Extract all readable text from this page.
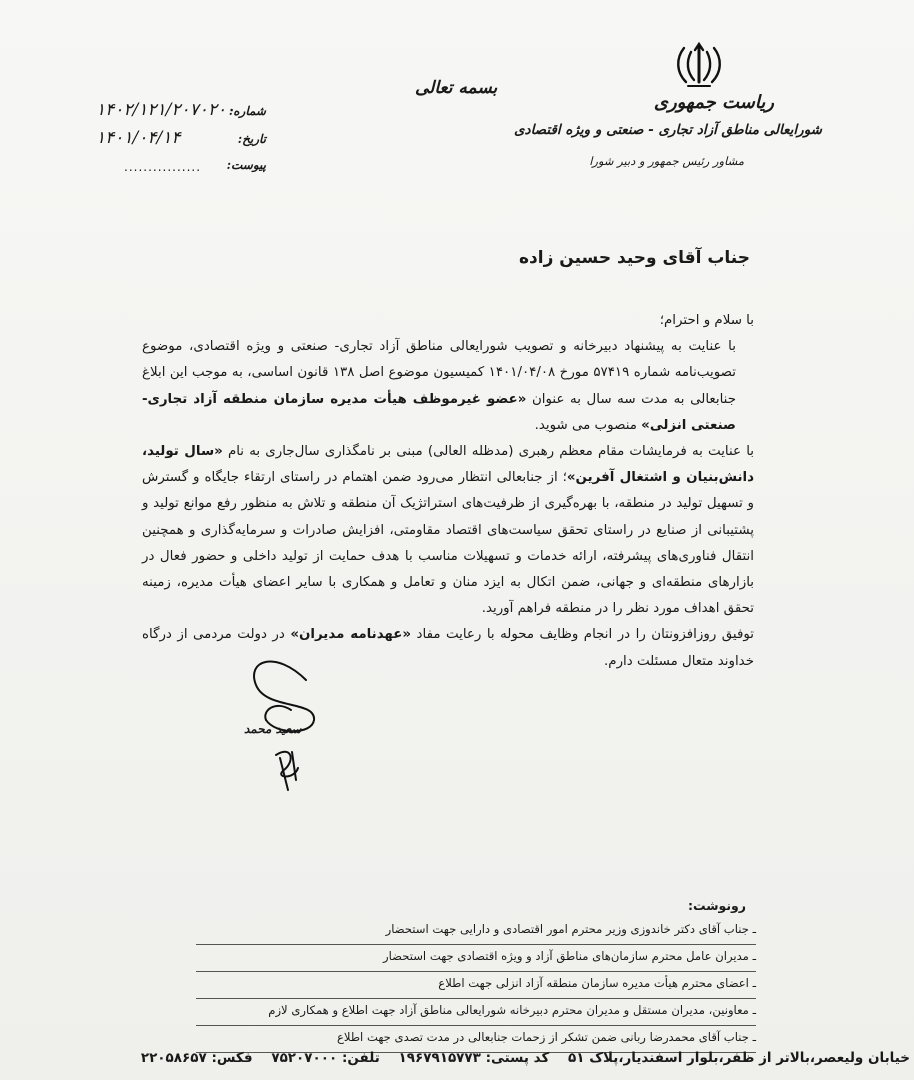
ریاست جمهوری
شورایعالی مناطق آزاد تجاری - صنعتی و ویژه اقتصادی
مشاور رئیس جمهور و دبیر شورا
بسمه تعالی
شماره:
۱۴۰۲/۱۲۱/۲۰۷۰۲۰۰
تاریخ:
۱۴۰۱/۰۴/۱۴
پیوست:
................
جناب آقای وحید حسین زاده

با سلام و احترام؛

با عنایت به پیشنهاد دبیرخانه و تصویب شورایعالی مناطق آزاد تجاری- صنعتی و ویژه اقتصادی، موضوع تصویب‌نامه شماره ۵۷۴۱۹ مورخ ۱۴۰۱/۰۴/۰۸ کمیسیون موضوع اصل ۱۳۸ قانون اساسی، به موجب این ابلاغ جنابعالی به مدت سه سال به عنوان «عضو غیرموظف هیأت مدیره سازمان منطقه آزاد تجاری- صنعتی انزلی» منصوب می شوید.

با عنایت به فرمایشات مقام معظم رهبری (مدظله العالی) مبنی بر نامگذاری سال‌جاری به نام «سال تولید، دانش‌بنیان و اشتغال آفرین»؛ از جنابعالی انتظار می‌رود ضمن اهتمام در راستای ارتقاء جایگاه و گسترش و تسهیل تولید در منطقه، با بهره‌گیری از ظرفیت‌های استراتژیک آن منطقه و تلاش به منظور رفع موانع تولید و پشتیبانی از صنایع در راستای تحقق سیاست‌های اقتصاد مقاومتی، افزایش صادرات و سرمایه‌گذاری و همچنین انتقال فناوری‌های پیشرفته، ارائه خدمات و تسهیلات مناسب با هدف حمایت از تولید داخلی و حضور فعال در بازارهای منطقه‌ای و جهانی، ضمن اتکال به ایزد منان و تعامل و همکاری با سایر اعضای هیأت مدیره، زمینه تحقق اهداف مورد نظر را در منطقه فراهم آورید.

توفیق روزافزونتان را در انجام وظایف محوله با رعایت مفاد «عهدنامه مدیران» در دولت مردمی از درگاه خداوند متعال مسئلت دارم.

سعید محمد
رونوشت:
ـ جناب آقای دکتر خاندوزی وزیر محترم امور اقتصادی و دارایی جهت استحضار
ـ مدیران عامل محترم سازمان‌های مناطق آزاد و ویژه اقتصادی جهت استحضار
ـ اعضای محترم هیأت مدیره سازمان منطقه آزاد انزلی جهت اطلاع
ـ معاونین، مدیران مستقل و مدیران محترم دبیرخانه شورایعالی مناطق آزاد جهت اطلاع و همکاری لازم
ـ جناب آقای محمدرضا ربانی ضمن تشکر از زحمات جنابعالی در مدت تصدی جهت اطلاع
خیابان ولیعصر،بالاتر از ظفر،بلوار اسفندیار،پلاک ۵۱ کد پستی: ۱۹۶۷۹۱۵۷۷۳ تلفن: ۷۵۲۰۷۰۰۰ فکس: ۲۲۰۵۸۶۵۷
